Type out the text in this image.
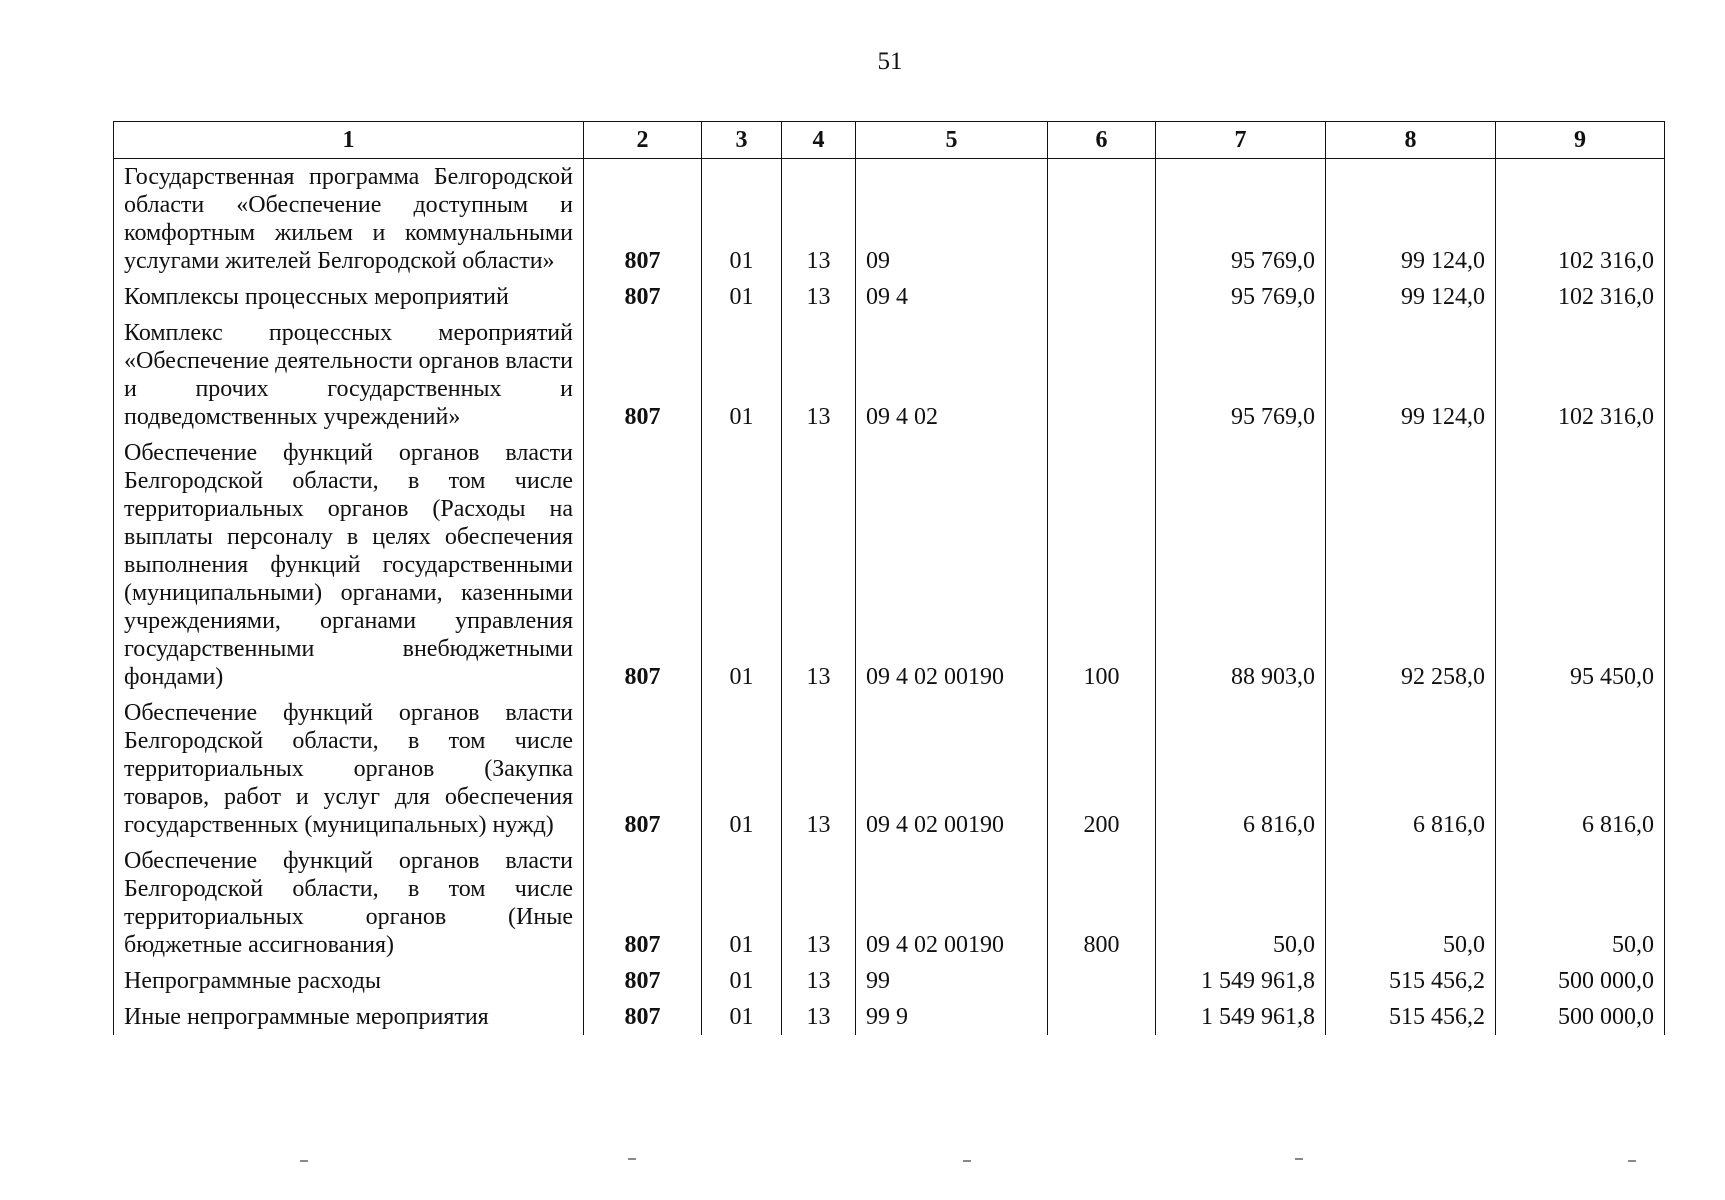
51
1	2	3	4	5	6	7	8	9
Государственная программа Белгородской области «Обеспечение доступным и комфортным жильем и коммунальными услугами жителей Белгородской области»	807	01	13	09		95 769,0	99 124,0	102 316,0
Комплексы процессных мероприятий	807	01	13	09 4		95 769,0	99 124,0	102 316,0
Комплекс процессных мероприятий «Обеспечение деятельности органов власти и прочих государственных и подведомственных учреждений»	807	01	13	09 4 02		95 769,0	99 124,0	102 316,0
Обеспечение функций органов власти Белгородской области, в том числе территориальных органов (Расходы на выплаты персоналу в целях обеспечения выполнения функций государственными (муниципальными) органами, казенными учреждениями, органами управления государственными внебюджетными фондами)	807	01	13	09 4 02 00190	100	88 903,0	92 258,0	95 450,0
Обеспечение функций органов власти Белгородской области, в том числе территориальных органов (Закупка товаров, работ и услуг для обеспечения государственных (муниципальных) нужд)	807	01	13	09 4 02 00190	200	6 816,0	6 816,0	6 816,0
Обеспечение функций органов власти Белгородской области, в том числе территориальных органов (Иные бюджетные ассигнования)	807	01	13	09 4 02 00190	800	50,0	50,0	50,0
Непрограммные расходы	807	01	13	99		1 549 961,8	515 456,2	500 000,0
Иные непрограммные мероприятия	807	01	13	99 9		1 549 961,8	515 456,2	500 000,0
